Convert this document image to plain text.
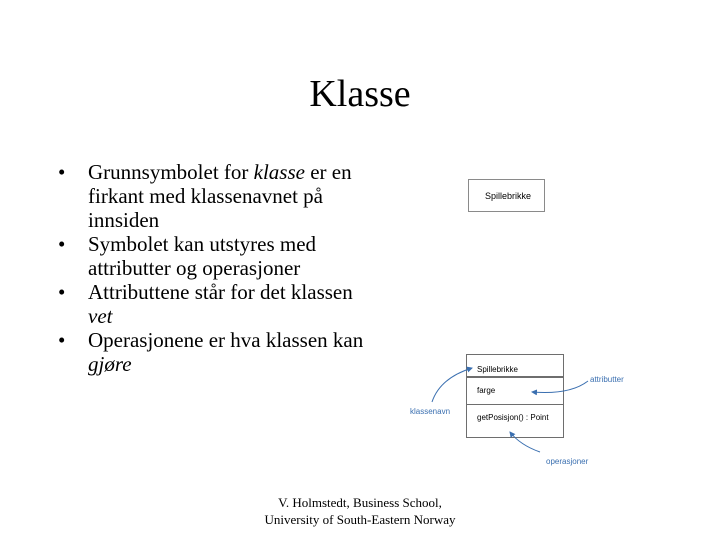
Klasse
• Grunnsymbolet for klasse er en firkant med klassenavnet på innsiden
• Symbolet kan utstyres med attributter og operasjoner
• Attributtene står for det klassen vet
• Operasjonene er hva klassen kan gjøre
Spillebrikke
Spillebrikke
farge
getPosisjon() : Point
attributter
klassenavn
operasjoner
V. Holmstedt, Business School,
University of South-Eastern Norway
